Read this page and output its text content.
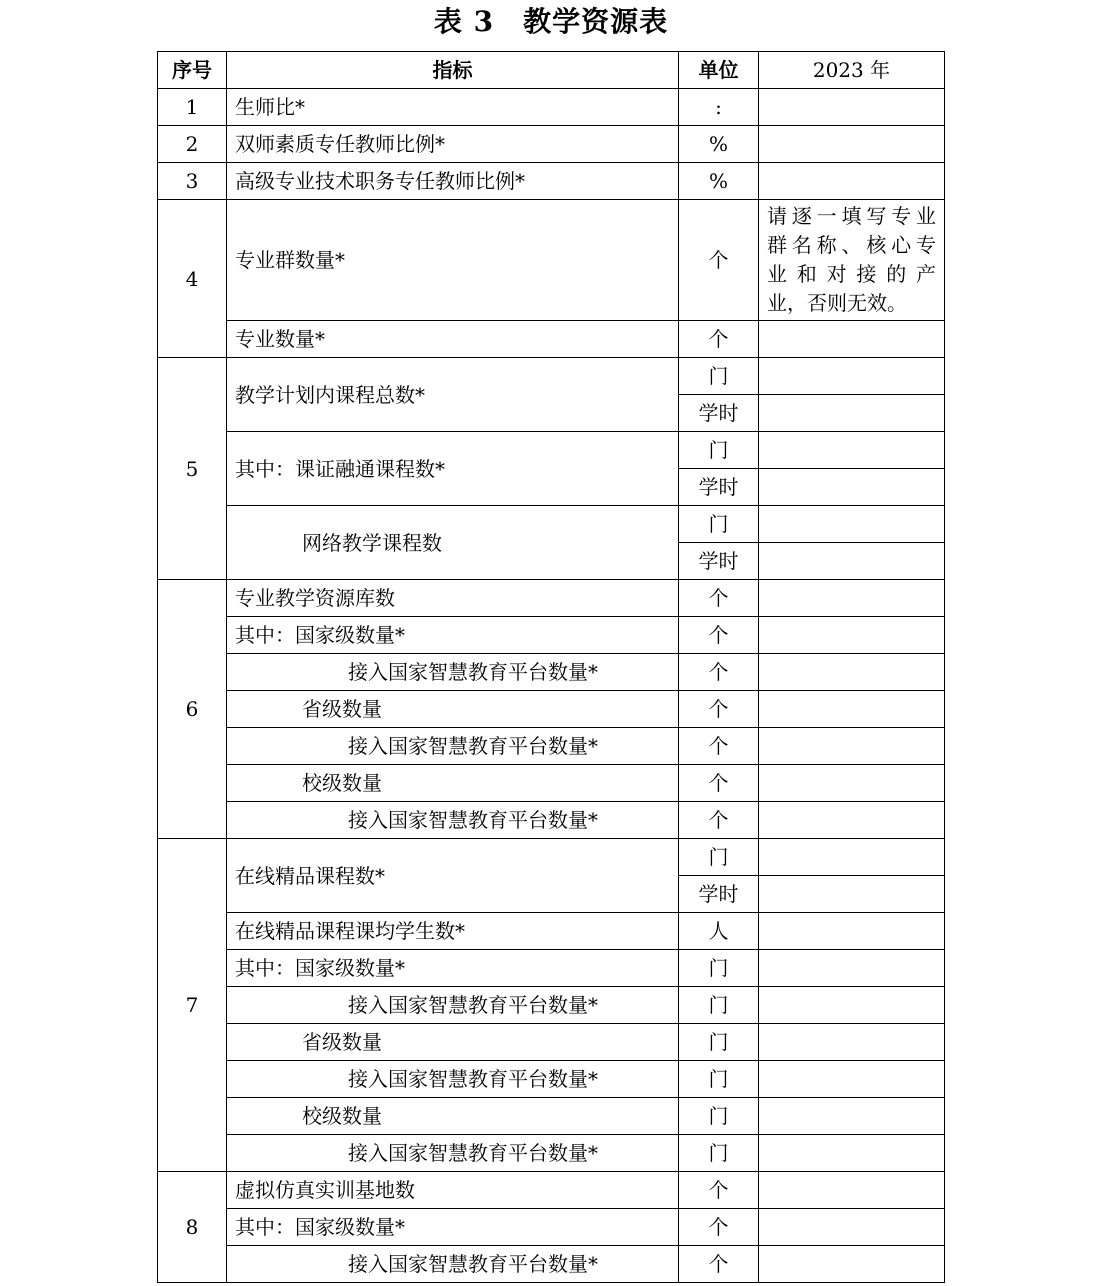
表 3　教学资源表
序号	指标	单位	2023 年
1	生师比*	:	
2	双师素质专任教师比例*	%	
3	高级专业技术职务专任教师比例*	%	
4	专业群数量*	个	请逐一填写专业
群名称、核心专
业和对接的产
业，否则无效。

	专业数量*	个	
5	教学计划内课程总数*	门	
		学时	
	其中：课证融通课程数*	门	
		学时	
	网络教学课程数	门	
		学时	
6	专业教学资源库数	个	
	其中：国家级数量*	个	
	接入国家智慧教育平台数量*	个	
	省级数量	个	
	接入国家智慧教育平台数量*	个	
	校级数量	个	
	接入国家智慧教育平台数量*	个	
7	在线精品课程数*	门	
		学时	
	在线精品课程课均学生数*	人	
	其中：国家级数量*	门	
	接入国家智慧教育平台数量*	门	
	省级数量	门	
	接入国家智慧教育平台数量*	门	
	校级数量	门	
	接入国家智慧教育平台数量*	门	
8	虚拟仿真实训基地数	个	
	其中：国家级数量*	个	
	接入国家智慧教育平台数量*	个	
